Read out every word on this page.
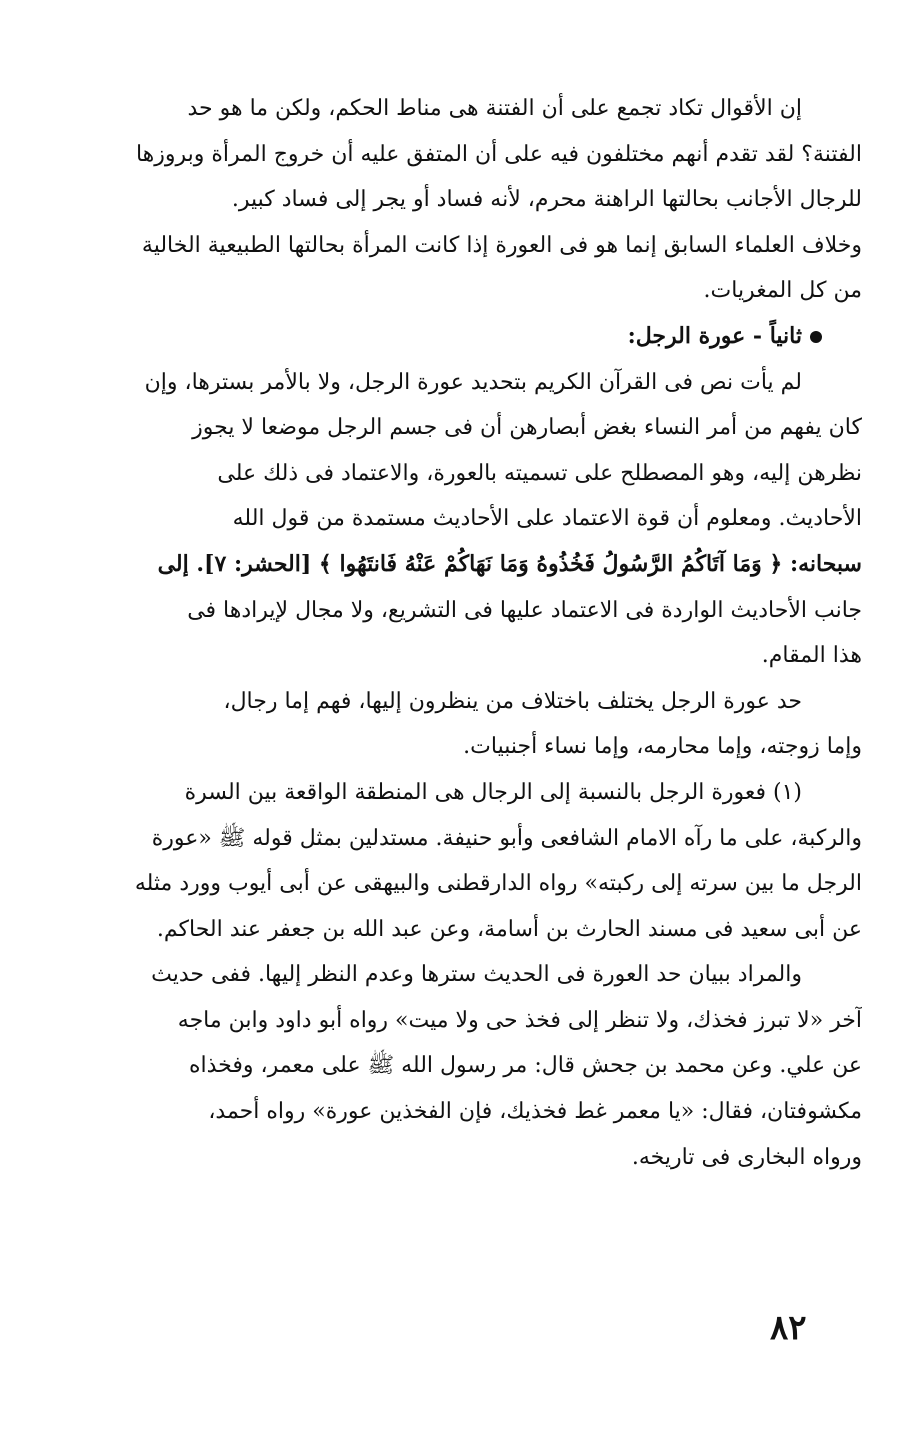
إن الأقوال تكاد تجمع على أن الفتنة هى مناط الحكم، ولكن ما هو حد
الفتنة؟ لقد تقدم أنهم مختلفون فيه على أن المتفق عليه أن خروج المرأة وبروزها
للرجال الأجانب بحالتها الراهنة محرم، لأنه فساد أو يجر إلى فساد كبير.
وخلاف العلماء السابق إنما هو فى العورة إذا كانت المرأة بحالتها الطبيعية الخالية
من كل المغريات.
ثانياً - عورة الرجل:
لم يأت نص فى القرآن الكريم بتحديد عورة الرجل، ولا بالأمر بسترها، وإن
كان يفهم من أمر النساء بغض أبصارهن أن فى جسم الرجل موضعا لا يجوز
نظرهن إليه، وهو المصطلح على تسميته بالعورة، والاعتماد فى ذلك على
الأحاديث. ومعلوم أن قوة الاعتماد على الأحاديث مستمدة من قول الله
سبحانه: ﴿ وَمَا آتَاكُمُ الرَّسُولُ فَخُذُوهُ وَمَا نَهَاكُمْ عَنْهُ فَانتَهُوا ﴾ [الحشر: ٧]. إلى
جانب الأحاديث الواردة فى الاعتماد عليها فى التشريع، ولا مجال لإيرادها فى
هذا المقام.
حد عورة الرجل يختلف باختلاف من ينظرون إليها، فهم إما رجال،
وإما زوجته، وإما محارمه، وإما نساء أجنبيات.
(١) فعورة الرجل بالنسبة إلى الرجال هى المنطقة الواقعة بين السرة
والركبة، على ما رآه الامام الشافعى وأبو حنيفة. مستدلين بمثل قوله ﷺ «عورة
الرجل ما بين سرته إلى ركبته» رواه الدارقطنى والبيهقى عن أبى أيوب وورد مثله
عن أبى سعيد فى مسند الحارث بن أسامة، وعن عبد الله بن جعفر عند الحاكم.
والمراد ببيان حد العورة فى الحديث سترها وعدم النظر إليها. ففى حديث
آخر «لا تبرز فخذك، ولا تنظر إلى فخذ حى ولا ميت» رواه أبو داود وابن ماجه
عن علي. وعن محمد بن جحش قال: مر رسول الله ﷺ على معمر، وفخذاه
مكشوفتان، فقال: «يا معمر غط فخذيك، فإن الفخذين عورة» رواه أحمد،
ورواه البخارى فى تاريخه.
٨٢
